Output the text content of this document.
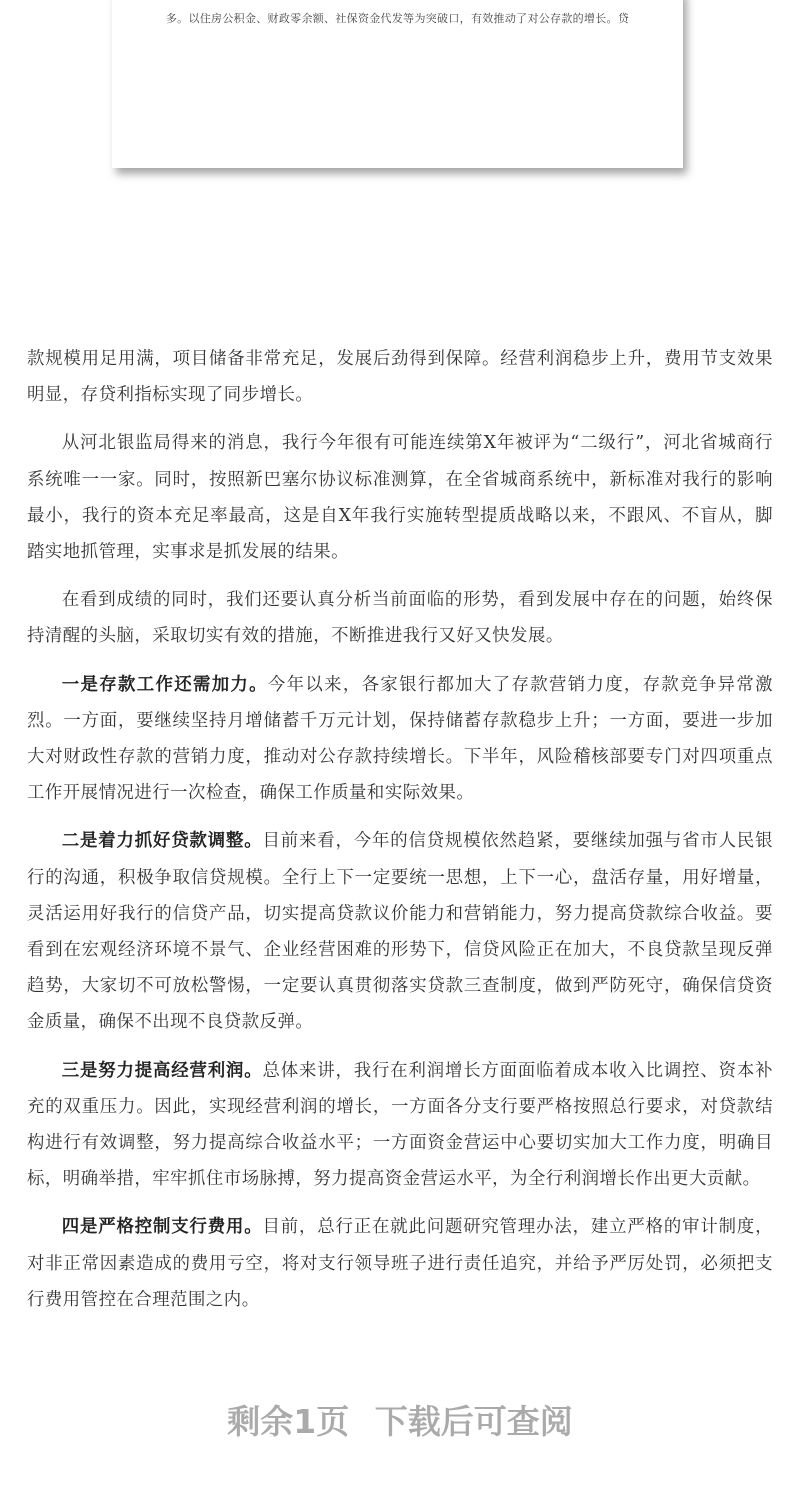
多。以住房公积金、财政零余额、社保资金代发等为突破口，有效推动了对公存款的增长。贷

款规模用足用满，项目储备非常充足，发展后劲得到保障。经营利润稳步上升，费用节支效果明显，存贷利指标实现了同步增长。

从河北银监局得来的消息，我行今年很有可能连续第X年被评为“二级行”，河北省城商行系统唯一一家。同时，按照新巴塞尔协议标准测算，在全省城商系统中，新标准对我行的影响最小，我行的资本充足率最高，这是自X年我行实施转型提质战略以来，不跟风、不盲从，脚踏实地抓管理，实事求是抓发展的结果。

在看到成绩的同时，我们还要认真分析当前面临的形势，看到发展中存在的问题，始终保持清醒的头脑，采取切实有效的措施，不断推进我行又好又快发展。

一是存款工作还需加力。今年以来，各家银行都加大了存款营销力度，存款竞争异常激烈。一方面，要继续坚持月增储蓄千万元计划，保持储蓄存款稳步上升；一方面，要进一步加大对财政性存款的营销力度，推动对公存款持续增长。下半年，风险稽核部要专门对四项重点工作开展情况进行一次检查，确保工作质量和实际效果。

二是着力抓好贷款调整。目前来看，今年的信贷规模依然趋紧，要继续加强与省市人民银行的沟通，积极争取信贷规模。全行上下一定要统一思想，上下一心，盘活存量，用好增量，灵活运用好我行的信贷产品，切实提高贷款议价能力和营销能力，努力提高贷款综合收益。要看到在宏观经济环境不景气、企业经营困难的形势下，信贷风险正在加大，不良贷款呈现反弹趋势，大家切不可放松警惕，一定要认真贯彻落实贷款三查制度，做到严防死守，确保信贷资金质量，确保不出现不良贷款反弹。

三是努力提高经营利润。总体来讲，我行在利润增长方面面临着成本收入比调控、资本补充的双重压力。因此，实现经营利润的增长，一方面各分支行要严格按照总行要求，对贷款结构进行有效调整，努力提高综合收益水平；一方面资金营运中心要切实加大工作力度，明确目标，明确举措，牢牢抓住市场脉搏，努力提高资金营运水平，为全行利润增长作出更大贡献。

四是严格控制支行费用。目前，总行正在就此问题研究管理办法，建立严格的审计制度，对非正常因素造成的费用亏空，将对支行领导班子进行责任追究，并给予严厉处罚，必须把支行费用管控在合理范围之内。

剩余1页 下载后可查阅
